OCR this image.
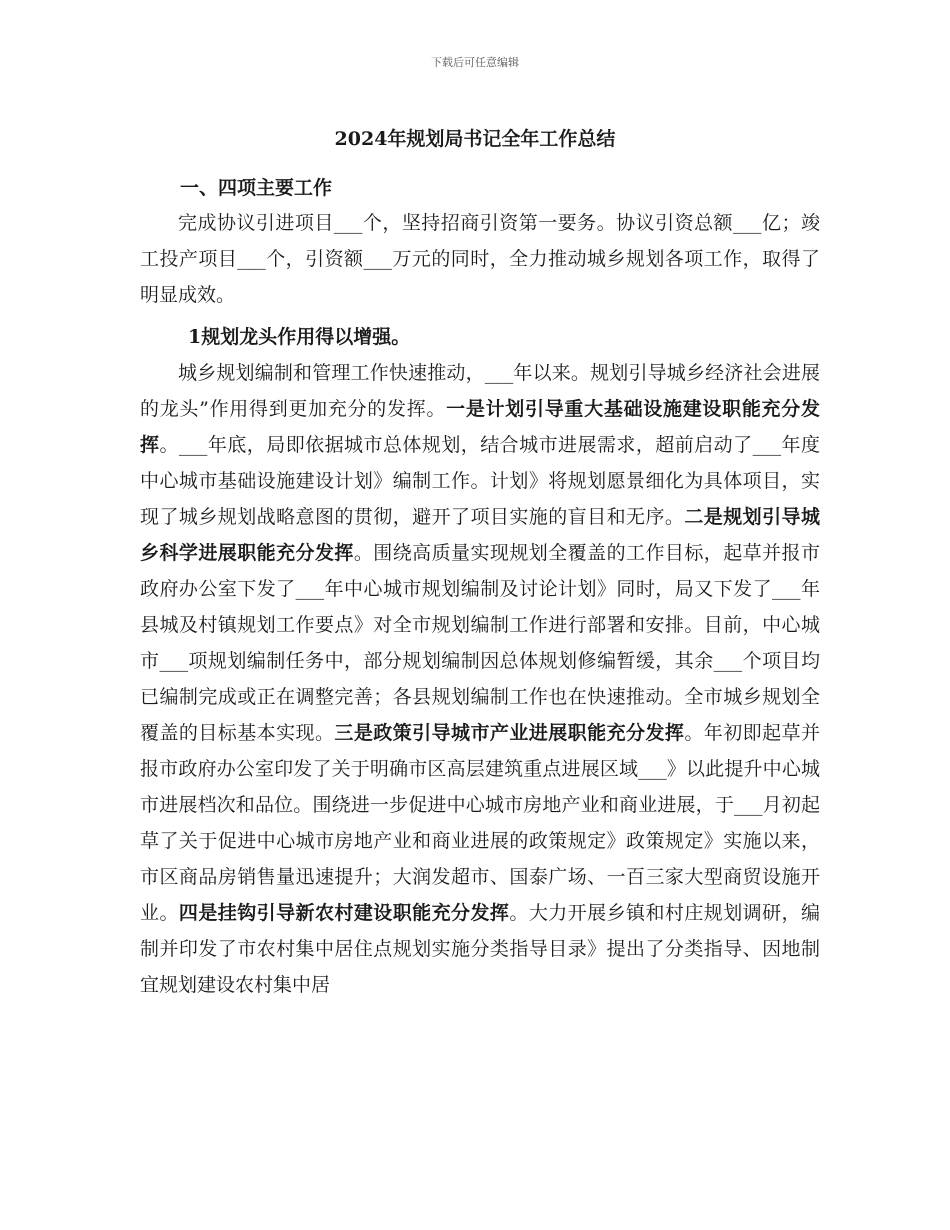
下载后可任意编辑
2024年规划局书记全年工作总结
一、四项主要工作

完成协议引进项目___个，坚持招商引资第一要务。协议引资总额___亿；竣工投产项目___个，引资额___万元的同时，全力推动城乡规划各项工作，取得了明显成效。

1规划龙头作用得以增强。

城乡规划编制和管理工作快速推动，___年以来。规划引导城乡经济社会进展的龙头”作用得到更加充分的发挥。一是计划引导重大基础设施建设职能充分发挥。___年底，局即依据城市总体规划，结合城市进展需求，超前启动了___年度中心城市基础设施建设计划》编制工作。计划》将规划愿景细化为具体项目，实现了城乡规划战略意图的贯彻，避开了项目实施的盲目和无序。二是规划引导城乡科学进展职能充分发挥。围绕高质量实现规划全覆盖的工作目标，起草并报市政府办公室下发了___年中心城市规划编制及讨论计划》同时，局又下发了___年县城及村镇规划工作要点》对全市规划编制工作进行部署和安排。目前，中心城市___项规划编制任务中，部分规划编制因总体规划修编暂缓，其余___个项目均已编制完成或正在调整完善；各县规划编制工作也在快速推动。全市城乡规划全覆盖的目标基本实现。三是政策引导城市产业进展职能充分发挥。年初即起草并报市政府办公室印发了关于明确市区高层建筑重点进展区域___》以此提升中心城市进展档次和品位。围绕进一步促进中心城市房地产业和商业进展，于___月初起草了关于促进中心城市房地产业和商业进展的政策规定》政策规定》实施以来，市区商品房销售量迅速提升；大润发超市、国泰广场、一百三家大型商贸设施开业。四是挂钩引导新农村建设职能充分发挥。大力开展乡镇和村庄规划调研，编制并印发了市农村集中居住点规划实施分类指导目录》提出了分类指导、因地制宜规划建设农村集中居
